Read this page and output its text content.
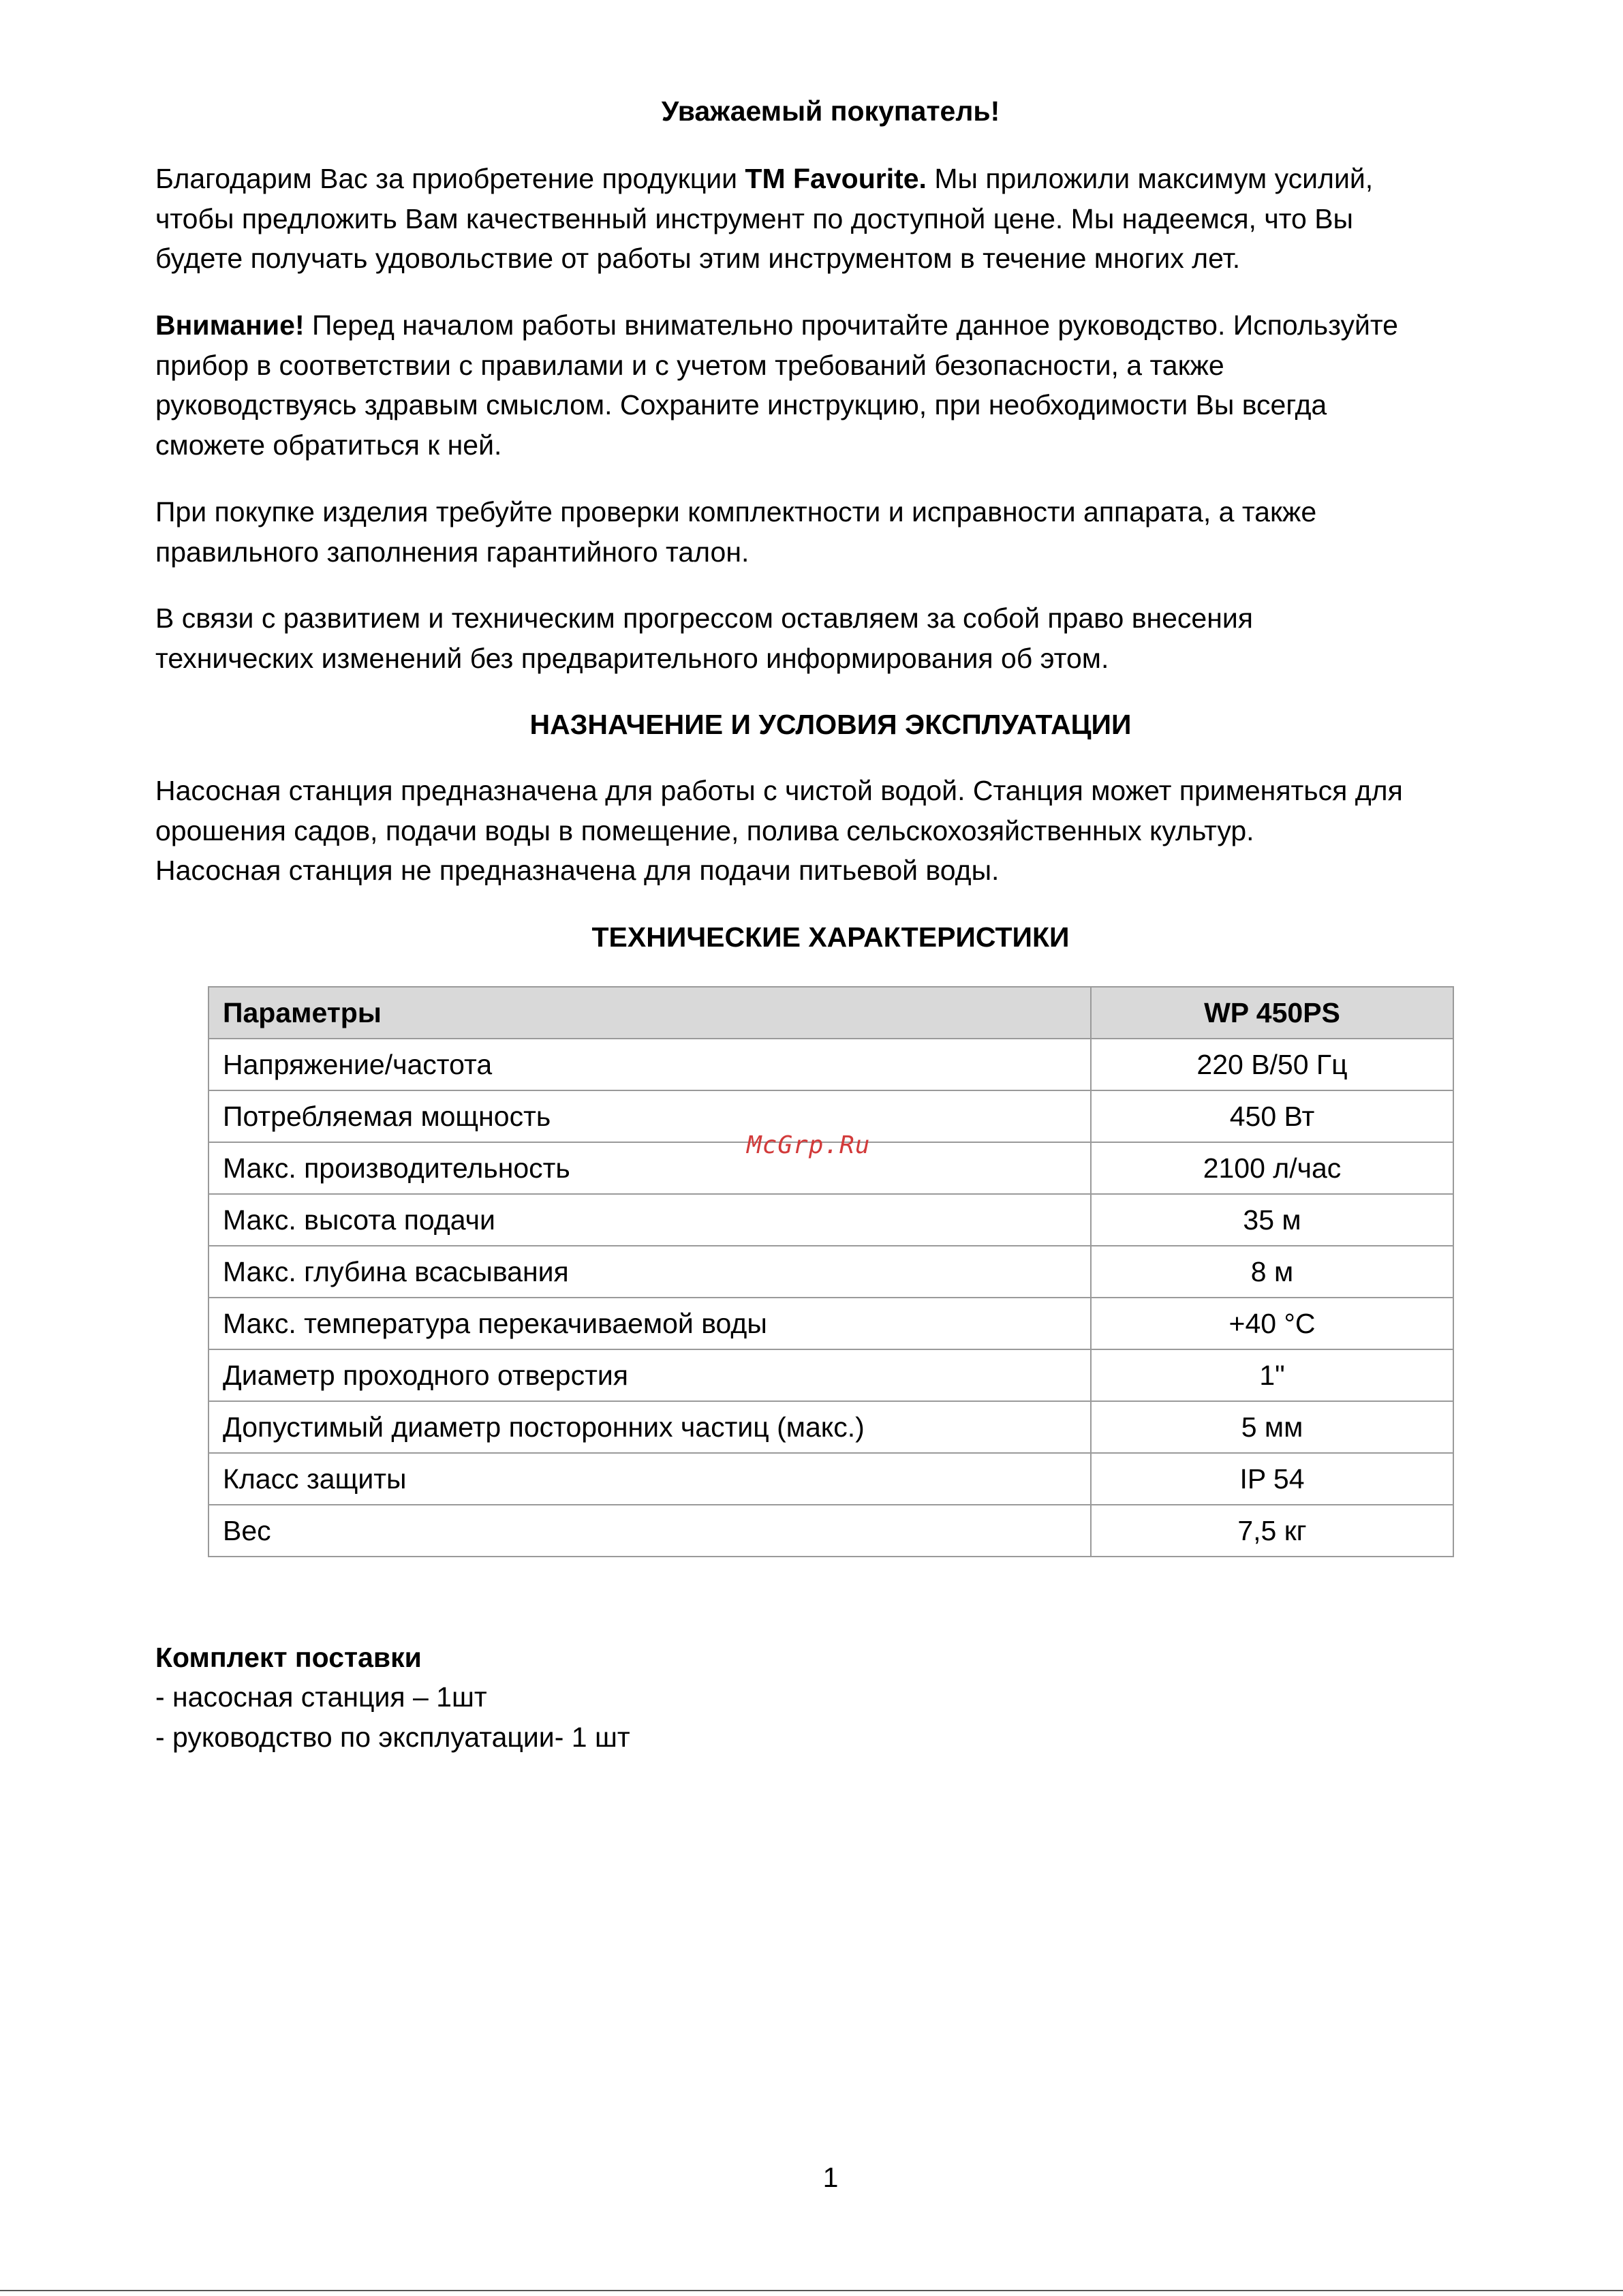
Уважаемый покупатель!

Благодарим Вас за приобретение продукции ТМ Favourite. Мы приложили максимум усилий,
чтобы предложить Вам качественный инструмент по доступной цене. Мы надеемся, что Вы
будете получать удовольствие от работы этим инструментом в течение многих лет.

Внимание! Перед началом работы внимательно прочитайте данное руководство. Используйте
прибор в соответствии с правилами и с учетом требований безопасности, а также
руководствуясь здравым смыслом. Сохраните инструкцию, при необходимости Вы всегда
сможете обратиться к ней.

При покупке изделия требуйте проверки комплектности и исправности аппарата, а также
правильного заполнения гарантийного талон.

В связи с развитием и техническим прогрессом оставляем за собой право внесения
технических изменений без предварительного информирования об этом.

НАЗНАЧЕНИЕ И УСЛОВИЯ ЭКСПЛУАТАЦИИ

Насосная станция предназначена для работы с чистой водой. Станция может применяться для
орошения садов, подачи воды в помещение, полива сельскохозяйственных культур.
Насосная станция не предназначена для подачи питьевой воды.

ТЕХНИЧЕСКИЕ ХАРАКТЕРИСТИКИ
Параметры	WP 450PS
Напряжение/частота	220 В/50 Гц
Потребляемая мощность	450 Вт
Макс. производительность	2100 л/час
Макс. высота подачи	35 м
Макс. глубина всасывания	8 м
Макс. температура перекачиваемой воды	+40 °С
Диаметр проходного отверстия	1"
Допустимый диаметр посторонних частиц (макс.)	5 мм
Класс защиты	IP 54
Вес	7,5 кг
McGrp.Ru
Комплект поставки
- насосная станция – 1шт
- руководство по эксплуатации- 1 шт
1
